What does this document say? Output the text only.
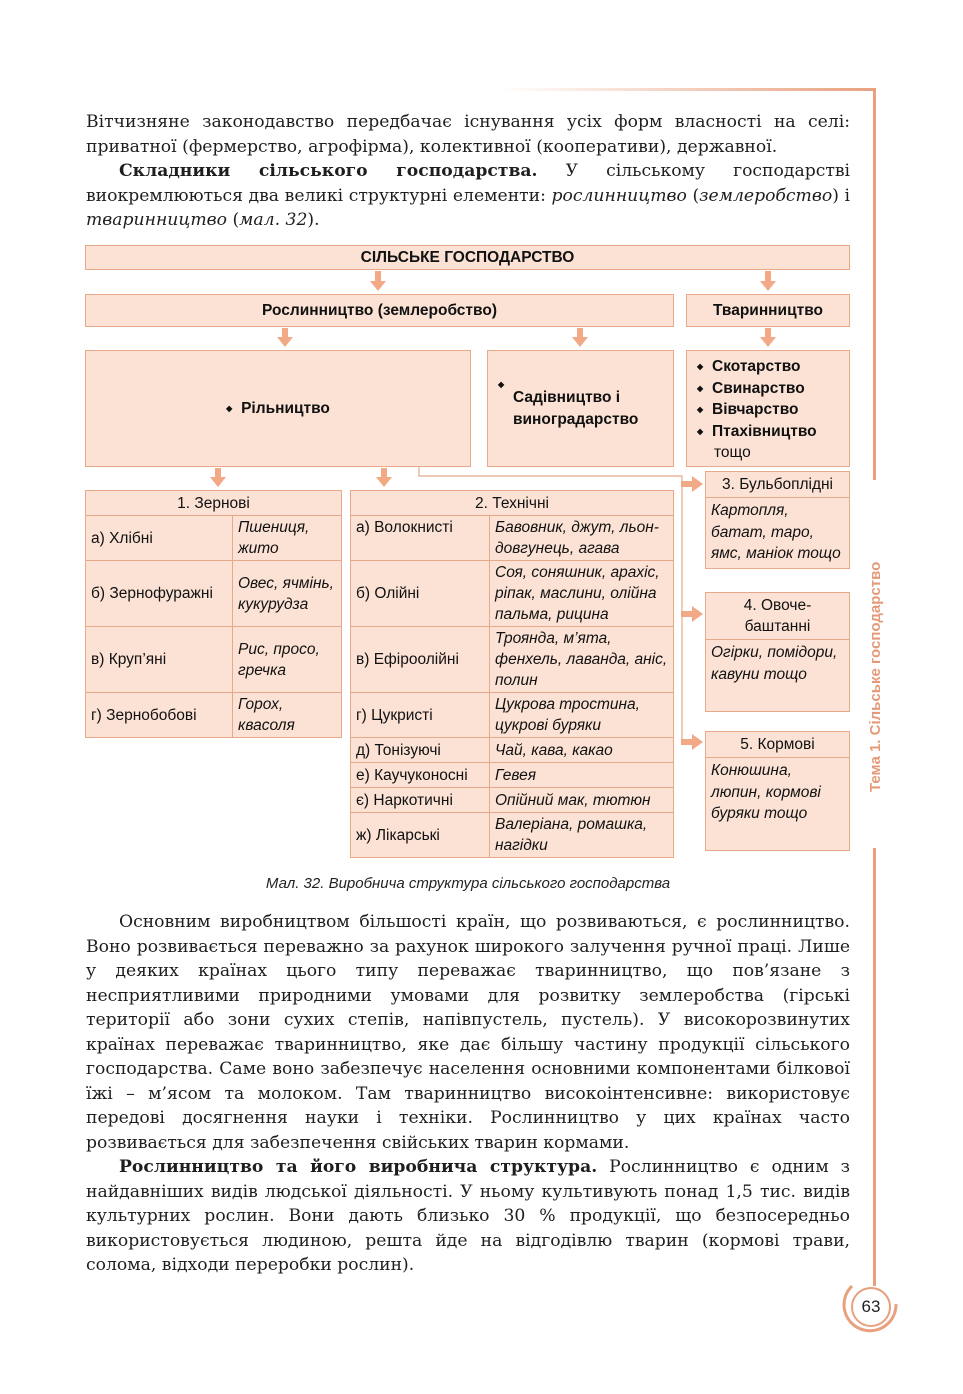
Вітчизняне законодавство передбачає існування усіх форм власності на селі: приватної (фермерство, агрофірма), колективної (кооперативи), державної.

Складники сільського господарства. У сільському господарстві виокремлюються два великі структурні елементи: рослинництво (землеробство) і тваринництво (мал. 32).

СІЛЬСЬКЕ ГОСПОДАРСТВО
Рослинництво (землеробство)	Тваринництво
◆ Рільництво
◆
Садівництво і виноградарство
◆ Скотарство
◆ Свинарство
◆ Вівчарство
◆ Птахівництво
тощо
1. Зернові	
а) Хлібні	Пшениця, жито
б) Зернофуражні	Овес, ячмінь, кукурудза
в) Круп’яні	Рис, просо, гречка
г) Зернобобові	Горох, квасоля
2. Технічні	
а) Волокнисті	Бавовник, джут, льон-довгунець, агава
б) Олійні	Соя, соняшник, арахіс, ріпак, маслини, олійна пальма, рицина
в) Ефіроолійні	Троянда, м’ята, фенхель, лаванда, аніс, полин
г) Цукристі	Цукрова тростина, цукрові буряки
д) Тонізуючі	Чай, кава, какао
е) Каучуконосні	Гевея
є) Наркотичні	Опійний мак, тютюн
ж) Лікарські	Валеріана, ромашка, нагідки
3. Бульбоплідні
Картопля, батат, таро, ямс, маніок тощо
4. Овоче-баштанні
Огірки, помідори, кавуни тощо
5. Кормові
Конюшина, люпин, кормові буряки тощо
Мал. 32. Виробнича структура сільського господарства

Основним виробництвом більшості країн, що розвиваються, є рослинництво. Воно розвивається переважно за рахунок широкого залучення ручної праці. Лише у деяких країнах цього типу переважає тваринництво, що пов’язане з несприятливими природними умовами для розвитку землеробства (гірські території або зони сухих степів, напівпустель, пустель). У високорозвинутих країнах переважає тваринництво, яке дає більшу частину продукції сільського господарства. Саме воно забезпечує населення основними компонентами білкової їжі – м’ясом та молоком. Там тваринництво високоінтенсивне: використовує передові досягнення науки і техніки. Рослинництво у цих країнах часто розвивається для забезпечення свійських тварин кормами.

Рослинництво та його виробнича структура. Рослинництво є одним з найдавніших видів людської діяльності. У ньому культивують понад 1,5 тис. видів культурних рослин. Вони дають близько 30 % продукції, що безпосередньо використовується людиною, решта йде на відгодівлю тварин (кормові трави, солома, відходи переробки рослин).

Тема 1. Сільське господарство
63
